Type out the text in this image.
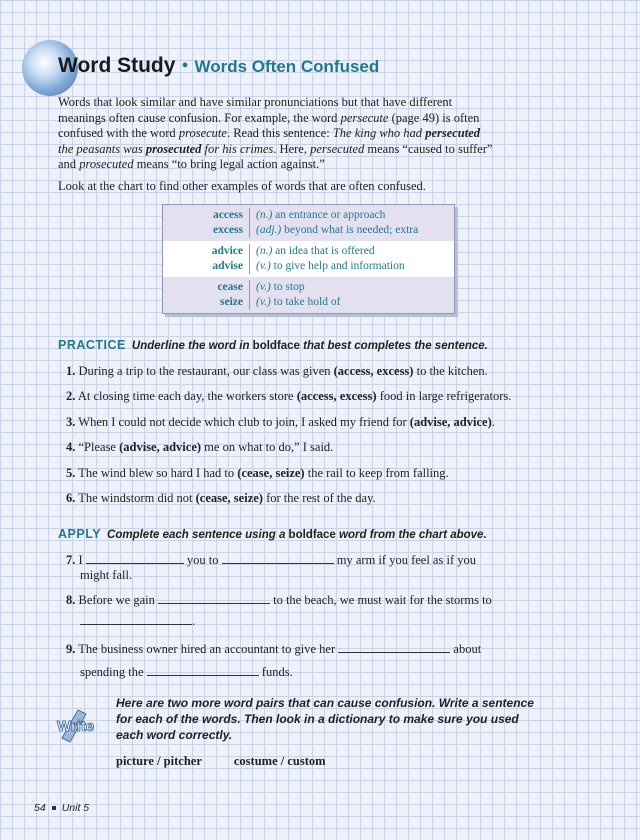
Word Study • Words Often Confused
Words that look similar and have similar pronunciations but that have different meanings often cause confusion. For example, the word persecute (page 49) is often confused with the word prosecute. Read this sentence: The king who had persecuted the peasants was prosecuted for his crimes. Here, persecuted means “caused to suffer” and prosecuted means “to bring legal action against.”
Look at the chart to find other examples of words that are often confused.
access	(n.) an entrance or approach
excess	(adj.) beyond what is needed; extra
advice	(n.) an idea that is offered
advise	(v.) to give help and information
cease	(v.) to stop
seize	(v.) to take hold of
PRACTICE Underline the word in boldface that best completes the sentence.
1. During a trip to the restaurant, our class was given (access, excess) to the kitchen.
2. At closing time each day, the workers store (access, excess) food in large refrigerators.
3. When I could not decide which club to join, I asked my friend for (advise, advice).
4. “Please (advise, advice) me on what to do,” I said.
5. The wind blew so hard I had to (cease, seize) the rail to keep from falling.
6. The windstorm did not (cease, seize) for the rest of the day.
APPLY Complete each sentence using a boldface word from the chart above.
7. I	you to	my arm if you feel as if you
might fall.
8. Before we gain	to the beach, we must wait for the storms to
.
9. The business owner hired an accountant to give her	about
spending the	funds.
Write
Here are two more word pairs that can cause confusion. Write a sentence for each of the words. Then look in a dictionary to make sure you used each word correctly.
picture / pitcher	costume / custom
54 Unit 5
